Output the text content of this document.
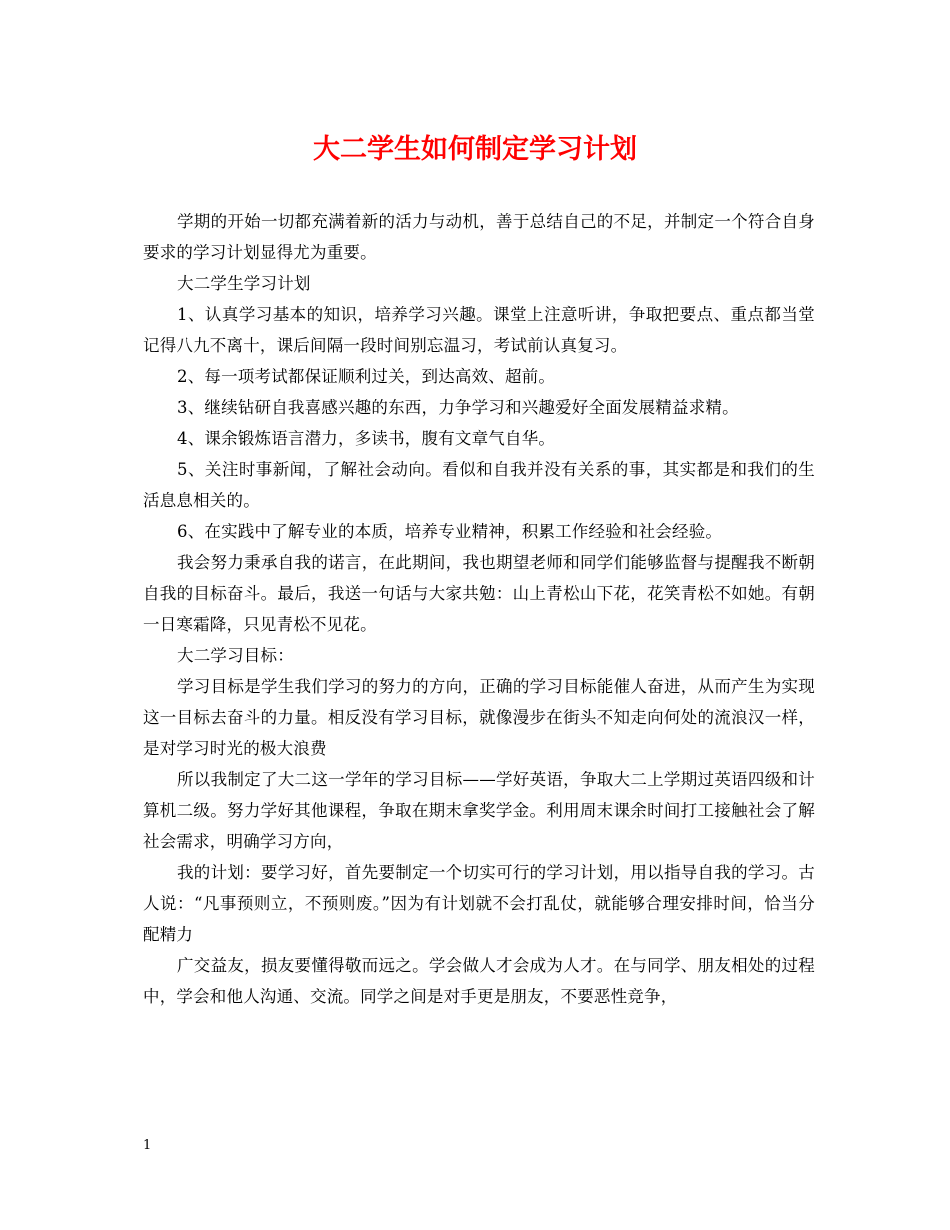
大二学生如何制定学习计划

学期的开始一切都充满着新的活力与动机，善于总结自己的不足，并制定一个符合自身要求的学习计划显得尤为重要。

大二学生学习计划

1、认真学习基本的知识，培养学习兴趣。课堂上注意听讲，争取把要点、重点都当堂记得八九不离十，课后间隔一段时间别忘温习，考试前认真复习。

2、每一项考试都保证顺利过关，到达高效、超前。

3、继续钻研自我喜感兴趣的东西，力争学习和兴趣爱好全面发展精益求精。

4、课余锻炼语言潜力，多读书，腹有文章气自华。

5、关注时事新闻，了解社会动向。看似和自我并没有关系的事，其实都是和我们的生活息息相关的。

6、在实践中了解专业的本质，培养专业精神，积累工作经验和社会经验。

我会努力秉承自我的诺言，在此期间，我也期望老师和同学们能够监督与提醒我不断朝自我的目标奋斗。最后，我送一句话与大家共勉：山上青松山下花，花笑青松不如她。有朝一日寒霜降，只见青松不见花。

大二学习目标：

学习目标是学生我们学习的努力的方向，正确的学习目标能催人奋进，从而产生为实现这一目标去奋斗的力量。相反没有学习目标，就像漫步在街头不知走向何处的流浪汉一样，是对学习时光的极大浪费

所以我制定了大二这一学年的学习目标——学好英语，争取大二上学期过英语四级和计算机二级。努力学好其他课程，争取在期末拿奖学金。利用周末课余时间打工接触社会了解社会需求，明确学习方向，

我的计划：要学习好，首先要制定一个切实可行的学习计划，用以指导自我的学习。古人说：“凡事预则立，不预则废。”因为有计划就不会打乱仗，就能够合理安排时间，恰当分配精力

广交益友，损友要懂得敬而远之。学会做人才会成为人才。在与同学、朋友相处的过程中，学会和他人沟通、交流。同学之间是对手更是朋友，不要恶性竞争，

1
